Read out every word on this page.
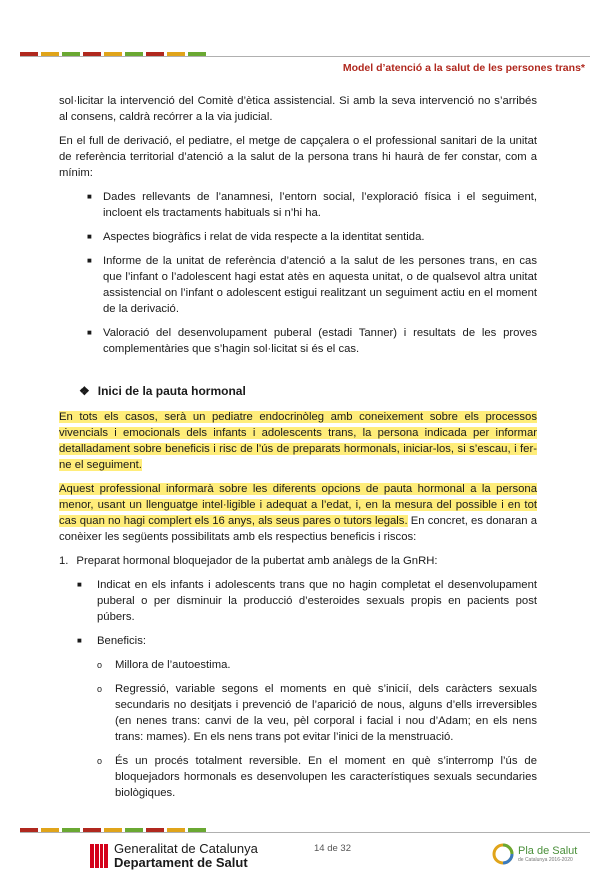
Model d’atenció a la salut de les persones trans*

sol·licitar la intervenció del Comitè d’ètica assistencial. Si amb la seva intervenció no s’arribés al consens, caldrà recórrer a la via judicial.

En el full de derivació, el pediatre, el metge de capçalera o el professional sanitari de la unitat de referència territorial d’atenció a la salut de la persona trans hi haurà de fer constar, com a mínim:

■ Dades rellevants de l’anamnesi, l’entorn social, l’exploració física i el seguiment, incloent els tractaments habituals si n’hi ha.
■ Aspectes biogràfics i relat de vida respecte a la identitat sentida.
■ Informe de la unitat de referència d’atenció a la salut de les persones trans, en cas que l’infant o l’adolescent hagi estat atès en aquesta unitat, o de qualsevol altra unitat assistencial on l’infant o adolescent estigui realitzant un seguiment actiu en el moment de la derivació.
■ Valoració del desenvolupament puberal (estadi Tanner) i resultats de les proves complementàries que s’hagin sol·licitat si és el cas.
❖ Inici de la pauta hormonal

En tots els casos, serà un pediatre endocrinòleg amb coneixement sobre els processos vivencials i emocionals dels infants i adolescents trans, la persona indicada per informar detalladament sobre beneficis i risc de l’ús de preparats hormonals, iniciar-los, si s’escau, i fer-ne el seguiment.

Aquest professional informarà sobre les diferents opcions de pauta hormonal a la persona menor, usant un llenguatge intel·ligible i adequat a l’edat, i, en la mesura del possible i en tot cas quan no hagi complert els 16 anys, als seus pares o tutors legals. En concret, es donaran a conèixer les següents possibilitats amb els respectius beneficis i riscos:

1. Preparat hormonal bloquejador de la pubertat amb anàlegs de la GnRH:
■ Indicat en els infants i adolescents trans que no hagin completat el desenvolupament puberal o per disminuir la producció d’esteroides sexuals propis en pacients post púbers.
■ Beneficis:
o Millora de l’autoestima.
o Regressió, variable segons el moments en què s’inicií, dels caràcters sexuals secundaris no desitjats i prevenció de l’aparició de nous, alguns d’ells irreversibles (en nenes trans: canvi de la veu, pèl corporal i facial i nou d’Adam; en els nens trans: mames). En els nens trans pot evitar l’inici de la menstruació.
o És un procés totalment reversible. En el moment en què s’interromp l’ús de bloquejadors hormonals es desenvolupen les característiques sexuals secundaries biològiques.
Generalitat de Catalunya
Departament de Salut
14 de 32	Pla de Salut
de Catalunya 2016-2020
